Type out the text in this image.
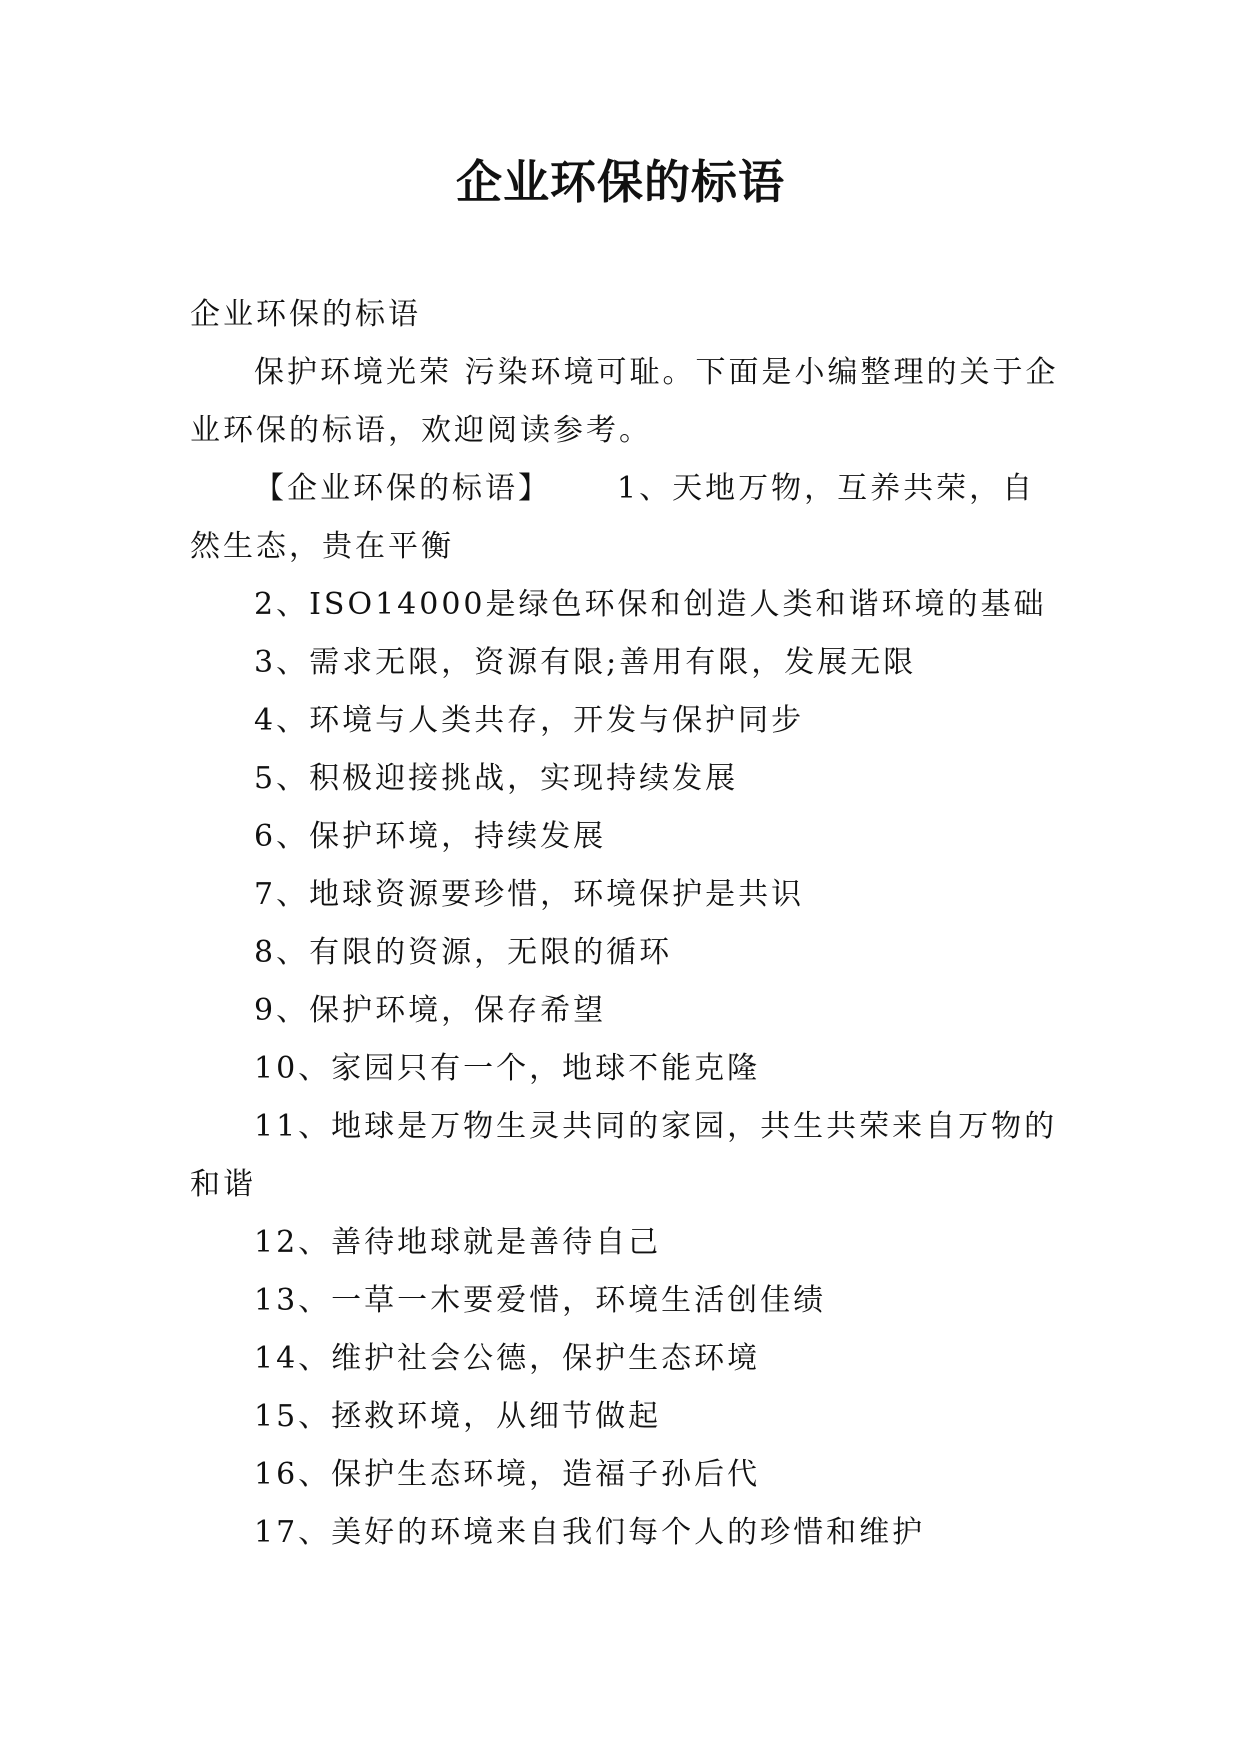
企业环保的标语

企业环保的标语

保护环境光荣 污染环境可耻。下面是小编整理的关于企业环保的标语，欢迎阅读参考。

【企业环保的标语】 1、天地万物，互养共荣，自然生态，贵在平衡

2、ISO14000是绿色环保和创造人类和谐环境的基础

3、需求无限，资源有限;善用有限，发展无限

4、环境与人类共存，开发与保护同步

5、积极迎接挑战，实现持续发展

6、保护环境，持续发展

7、地球资源要珍惜，环境保护是共识

8、有限的资源，无限的循环

9、保护环境，保存希望

10、家园只有一个，地球不能克隆

11、地球是万物生灵共同的家园，共生共荣来自万物的和谐

12、善待地球就是善待自己

13、一草一木要爱惜，环境生活创佳绩

14、维护社会公德，保护生态环境

15、拯救环境，从细节做起

16、保护生态环境，造福子孙后代

17、美好的环境来自我们每个人的珍惜和维护
